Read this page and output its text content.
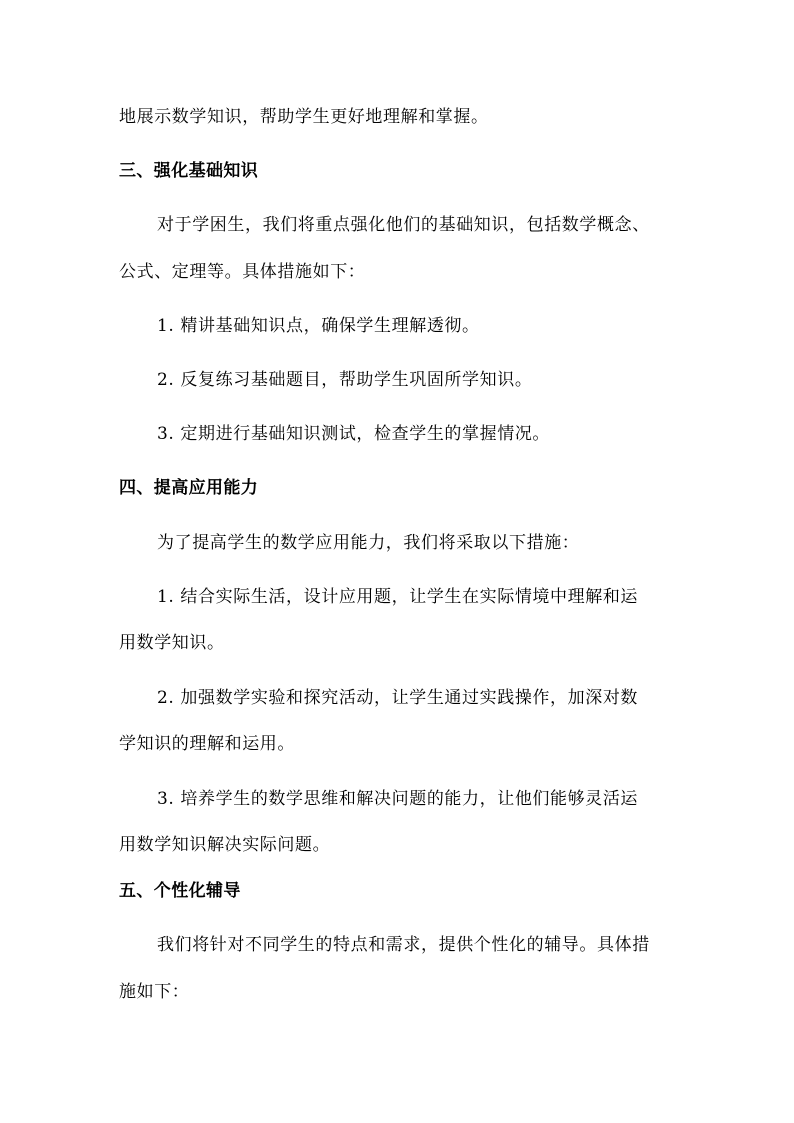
地展示数学知识，帮助学生更好地理解和掌握。
三、强化基础知识
对于学困生，我们将重点强化他们的基础知识，包括数学概念、
公式、定理等。具体措施如下：
1. 精讲基础知识点，确保学生理解透彻。
2. 反复练习基础题目，帮助学生巩固所学知识。
3. 定期进行基础知识测试，检查学生的掌握情况。
四、提高应用能力
为了提高学生的数学应用能力，我们将采取以下措施：
1. 结合实际生活，设计应用题，让学生在实际情境中理解和运
用数学知识。
2. 加强数学实验和探究活动，让学生通过实践操作，加深对数
学知识的理解和运用。
3. 培养学生的数学思维和解决问题的能力，让他们能够灵活运
用数学知识解决实际问题。
五、个性化辅导
我们将针对不同学生的特点和需求，提供个性化的辅导。具体措
施如下：
